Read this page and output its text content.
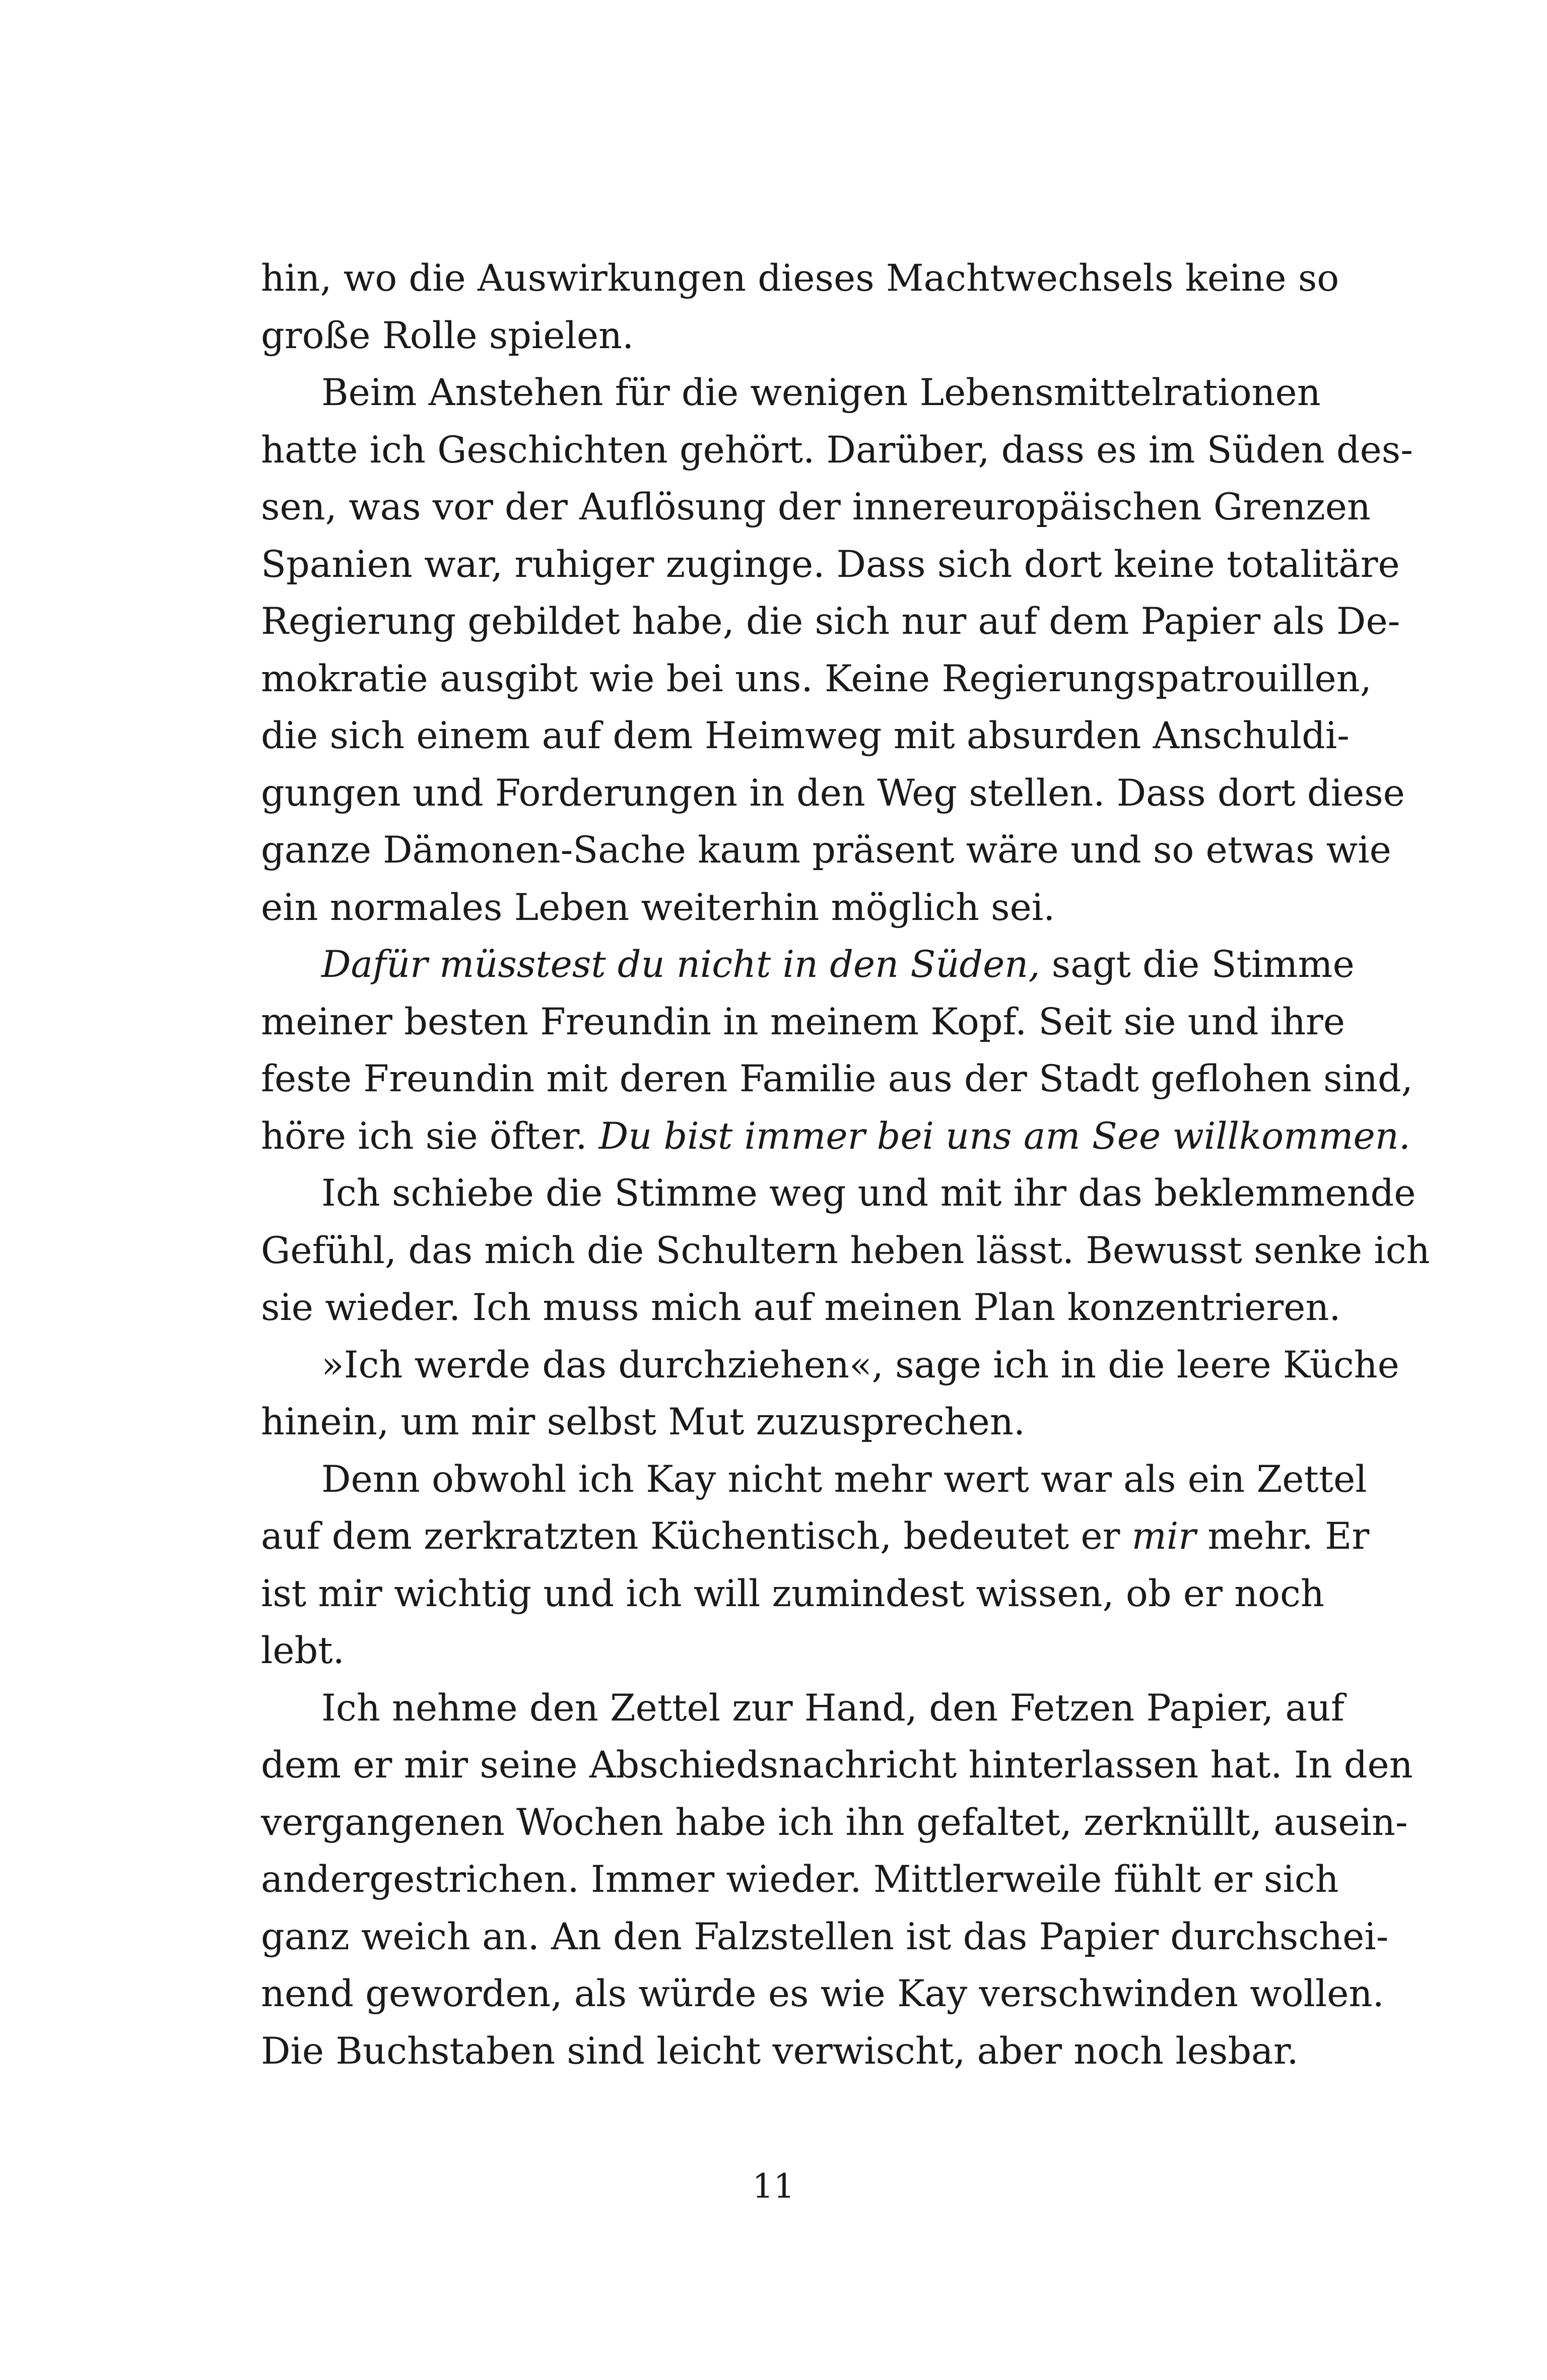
hin, wo die Auswirkungen dieses Machtwechsels keine so
große Rolle spielen.
Beim Anstehen für die wenigen Lebensmittelrationen
hatte ich Geschichten gehört. Darüber, dass es im Süden des-
sen, was vor der Auflösung der innereuropäischen Grenzen
Spanien war, ruhiger zuginge. Dass sich dort keine totalitäre
Regierung gebildet habe, die sich nur auf dem Papier als De-
mokratie ausgibt wie bei uns. Keine Regierungspatrouillen,
die sich einem auf dem Heimweg mit absurden Anschuldi-
gungen und Forderungen in den Weg stellen. Dass dort diese
ganze Dämonen-Sache kaum präsent wäre und so etwas wie
ein normales Leben weiterhin möglich sei.
Dafür müsstest du nicht in den Süden, sagt die Stimme
meiner besten Freundin in meinem Kopf. Seit sie und ihre
feste Freundin mit deren Familie aus der Stadt geflohen sind,
höre ich sie öfter. Du bist immer bei uns am See willkommen.
Ich schiebe die Stimme weg und mit ihr das beklemmende
Gefühl, das mich die Schultern heben lässt. Bewusst senke ich
sie wieder. Ich muss mich auf meinen Plan konzentrieren.
»Ich werde das durchziehen«, sage ich in die leere Küche
hinein, um mir selbst Mut zuzusprechen.
Denn obwohl ich Kay nicht mehr wert war als ein Zettel
auf dem zerkratzten Küchentisch, bedeutet er mir mehr. Er
ist mir wichtig und ich will zumindest wissen, ob er noch
lebt.
Ich nehme den Zettel zur Hand, den Fetzen Papier, auf
dem er mir seine Abschiedsnachricht hinterlassen hat. In den
vergangenen Wochen habe ich ihn gefaltet, zerknüllt, ausein-
andergestrichen. Immer wieder. Mittlerweile fühlt er sich
ganz weich an. An den Falzstellen ist das Papier durchschei-
nend geworden, als würde es wie Kay verschwinden wollen.
Die Buchstaben sind leicht verwischt, aber noch lesbar.
11
